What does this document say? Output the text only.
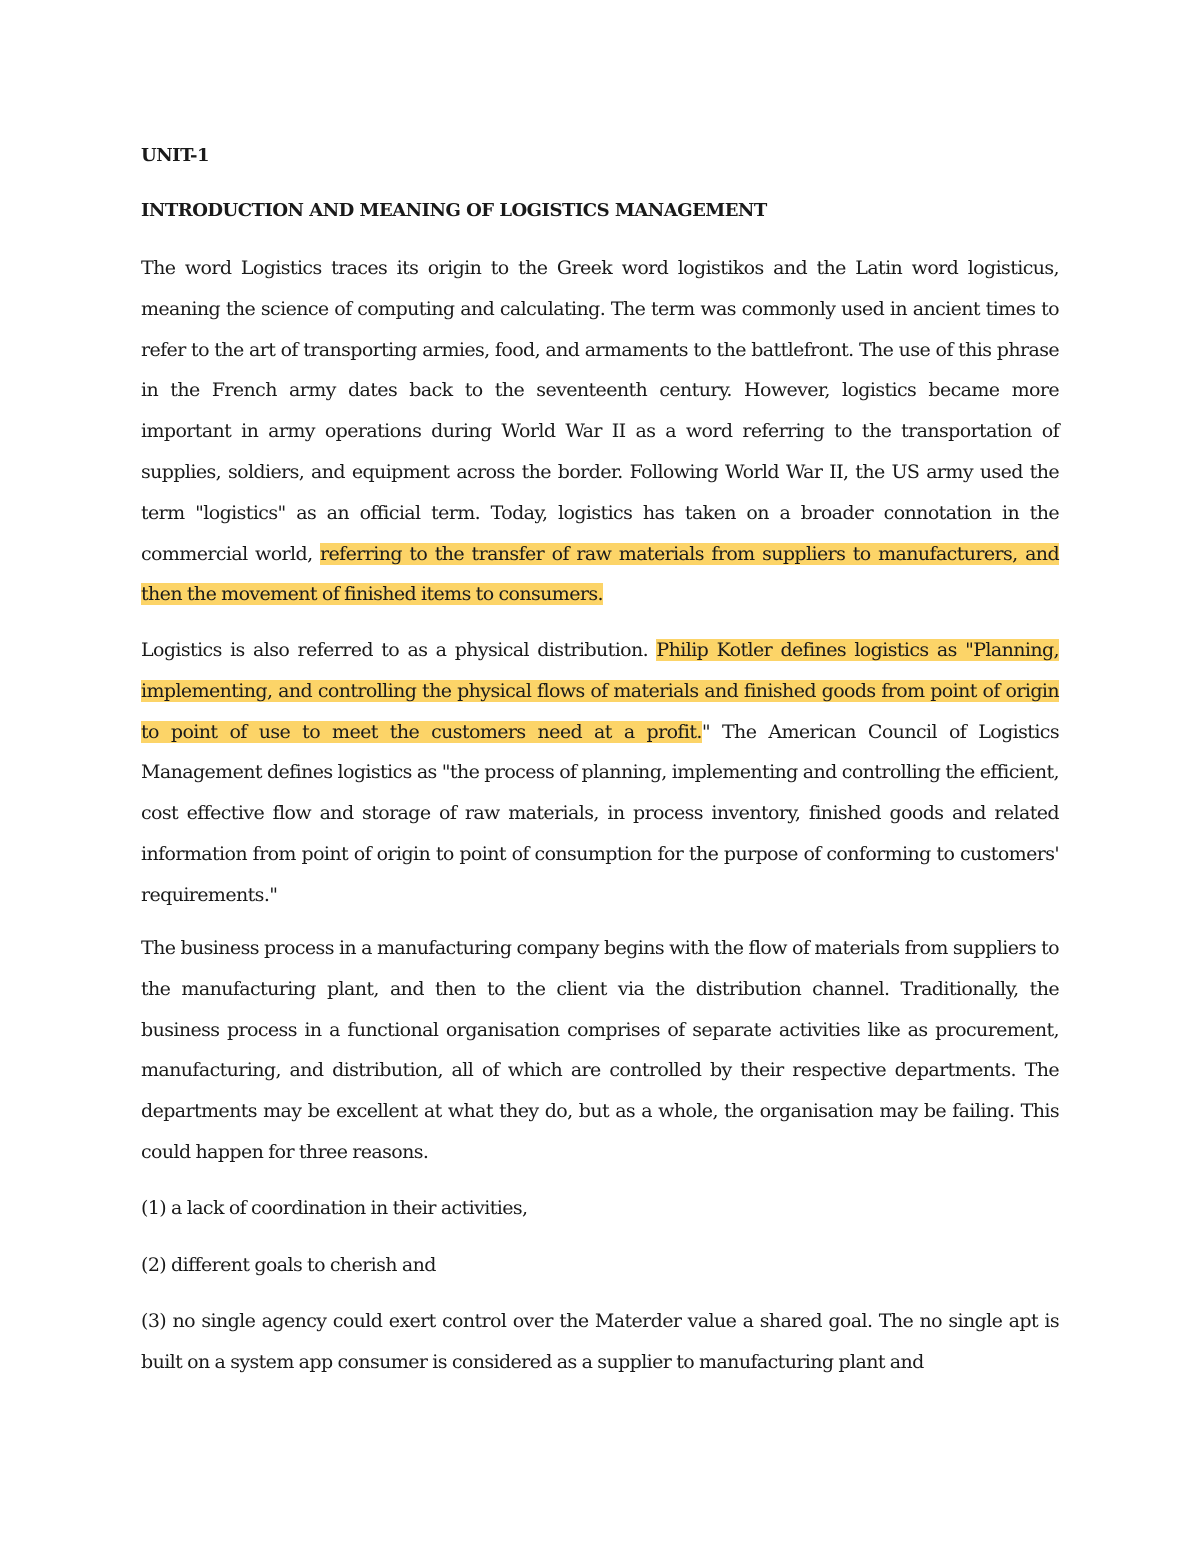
UNIT-1
INTRODUCTION AND MEANING OF LOGISTICS MANAGEMENT

The word Logistics traces its origin to the Greek word logistikos and the Latin word logisticus, meaning the science of computing and calculating. The term was commonly used in ancient times to refer to the art of transporting armies, food, and armaments to the battlefront. The use of this phrase in the French army dates back to the seventeenth century. However, logistics became more important in army operations during World War II as a word referring to the transportation of supplies, soldiers, and equipment across the border. Following World War II, the US army used the term "logistics" as an official term. Today, logistics has taken on a broader connotation in the commercial world, referring to the transfer of raw materials from suppliers to manufacturers, and then the movement of finished items to consumers.

Logistics is also referred to as a physical distribution. Philip Kotler defines logistics as "Planning, implementing, and controlling the physical flows of materials and finished goods from point of origin to point of use to meet the customers need at a profit." The American Council of Logistics Management defines logistics as "the process of planning, implementing and controlling the efficient, cost effective flow and storage of raw materials, in process inventory, finished goods and related information from point of origin to point of consumption for the purpose of conforming to customers' requirements."

The business process in a manufacturing company begins with the flow of materials from suppliers to the manufacturing plant, and then to the client via the distribution channel. Traditionally, the business process in a functional organisation comprises of separate activities like as procurement, manufacturing, and distribution, all of which are controlled by their respective departments. The departments may be excellent at what they do, but as a whole, the organisation may be failing. This could happen for three reasons.

(1) a lack of coordination in their activities,

(2) different goals to cherish and

(3) no single agency could exert control over the Materder value a shared goal. The no single apt is built on a system app consumer is considered as a supplier to manufacturing plant and
